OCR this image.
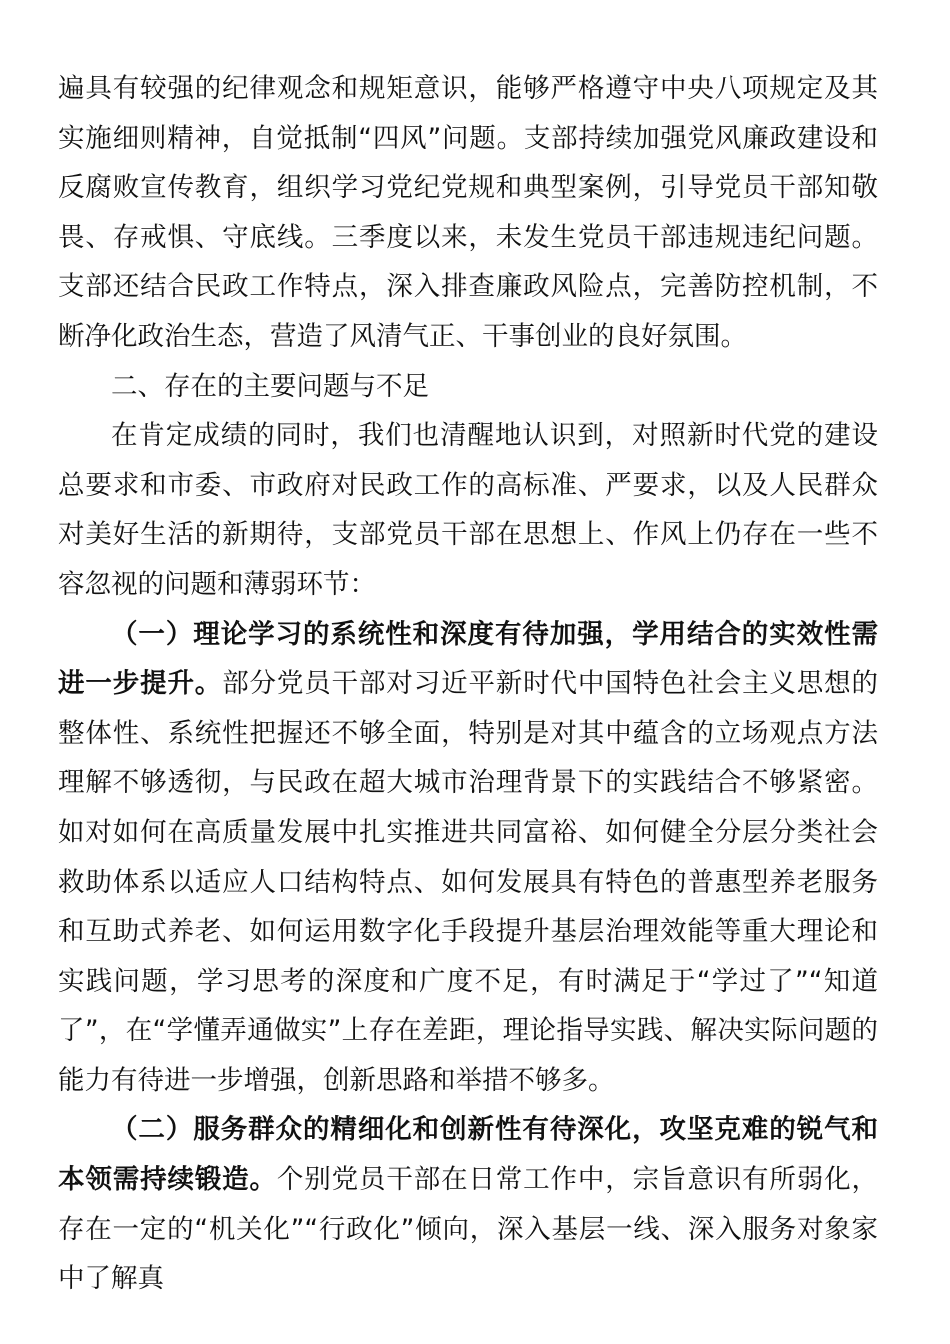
遍具有较强的纪律观念和规矩意识，能够严格遵守中央八项规定及其实施细则精神，自觉抵制“四风”问题。支部持续加强党风廉政建设和反腐败宣传教育，组织学习党纪党规和典型案例，引导党员干部知敬畏、存戒惧、守底线。三季度以来，未发生党员干部违规违纪问题。支部还结合民政工作特点，深入排查廉政风险点，完善防控机制，不断净化政治生态，营造了风清气正、干事创业的良好氛围。

二、存在的主要问题与不足

在肯定成绩的同时，我们也清醒地认识到，对照新时代党的建设总要求和市委、市政府对民政工作的高标准、严要求，以及人民群众对美好生活的新期待，支部党员干部在思想上、作风上仍存在一些不容忽视的问题和薄弱环节：

（一）理论学习的系统性和深度有待加强，学用结合的实效性需进一步提升。部分党员干部对习近平新时代中国特色社会主义思想的整体性、系统性把握还不够全面，特别是对其中蕴含的立场观点方法理解不够透彻，与民政在超大城市治理背景下的实践结合不够紧密。如对如何在高质量发展中扎实推进共同富裕、如何健全分层分类社会救助体系以适应人口结构特点、如何发展具有特色的普惠型养老服务和互助式养老、如何运用数字化手段提升基层治理效能等重大理论和实践问题，学习思考的深度和广度不足，有时满足于“学过了”“知道了”，在“学懂弄通做实”上存在差距，理论指导实践、解决实际问题的能力有待进一步增强，创新思路和举措不够多。

（二）服务群众的精细化和创新性有待深化，攻坚克难的锐气和本领需持续锻造。个别党员干部在日常工作中，宗旨意识有所弱化，存在一定的“机关化”“行政化”倾向，深入基层一线、深入服务对象家中了解真
